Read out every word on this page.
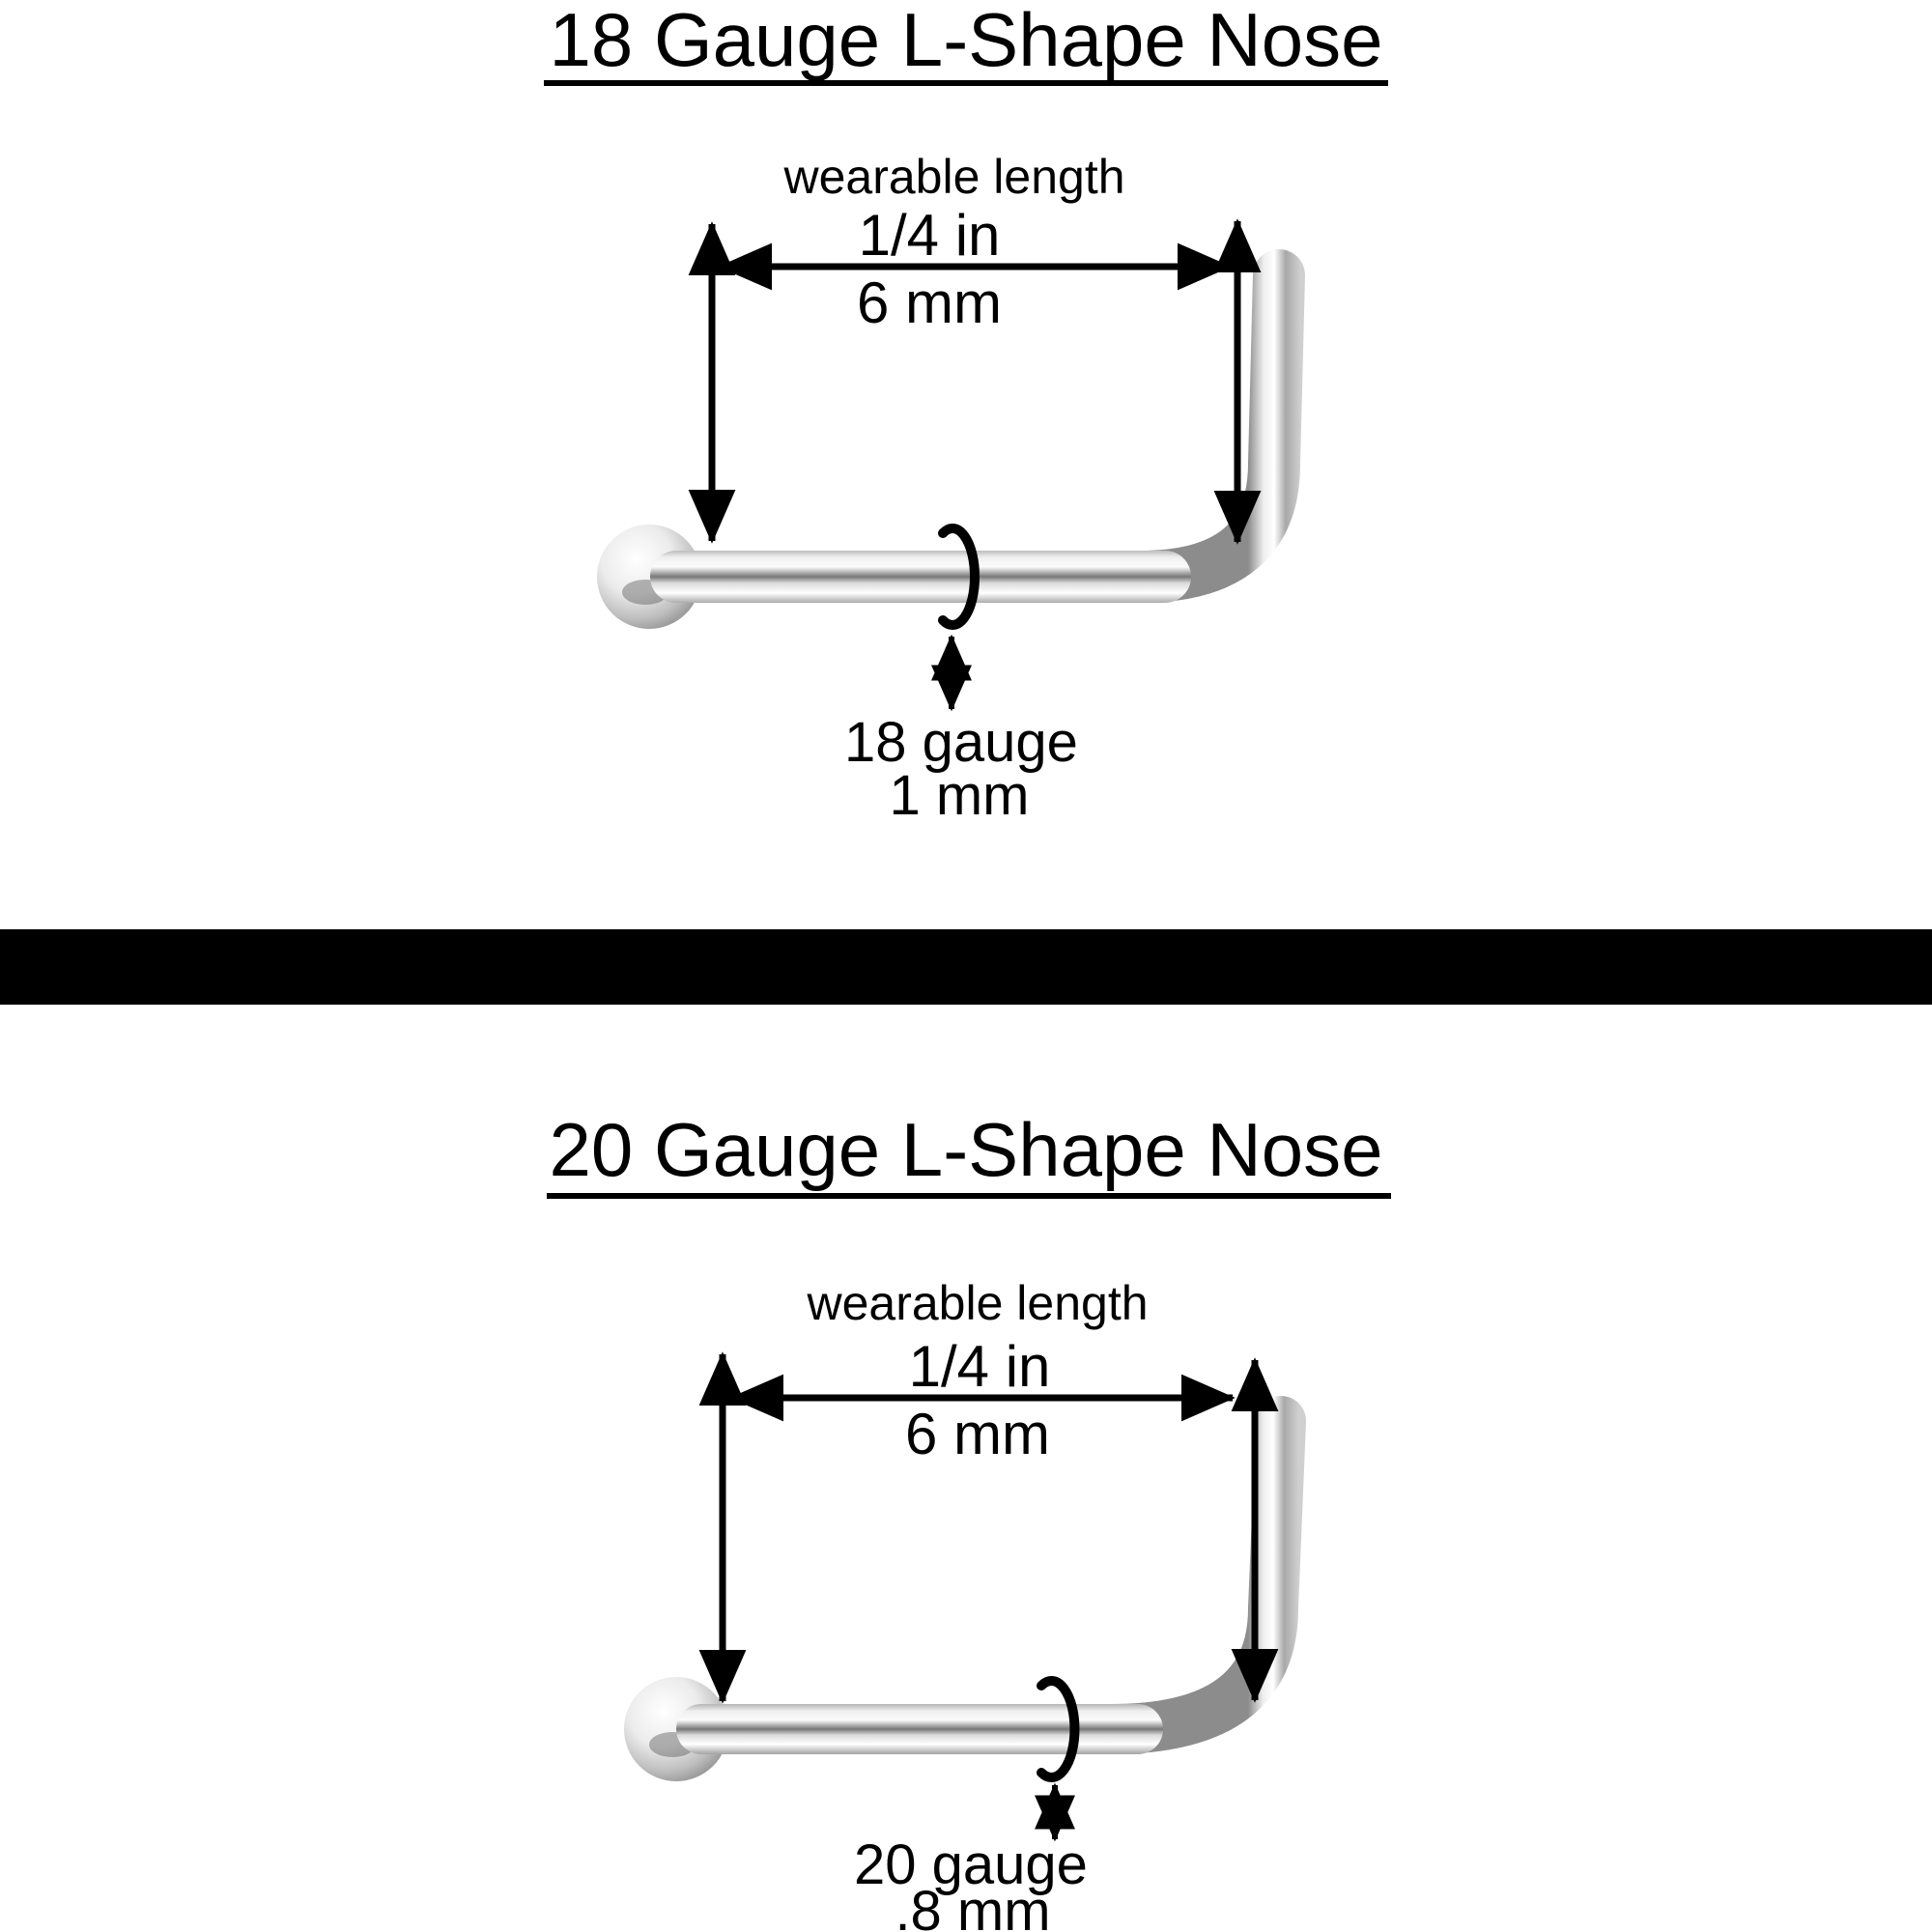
18 Gauge L-Shape Nose
wearable length
1/4 in
6 mm
18 gauge
1 mm
20 Gauge L-Shape Nose
wearable length
1/4 in
6 mm
20 gauge
.8 mm
